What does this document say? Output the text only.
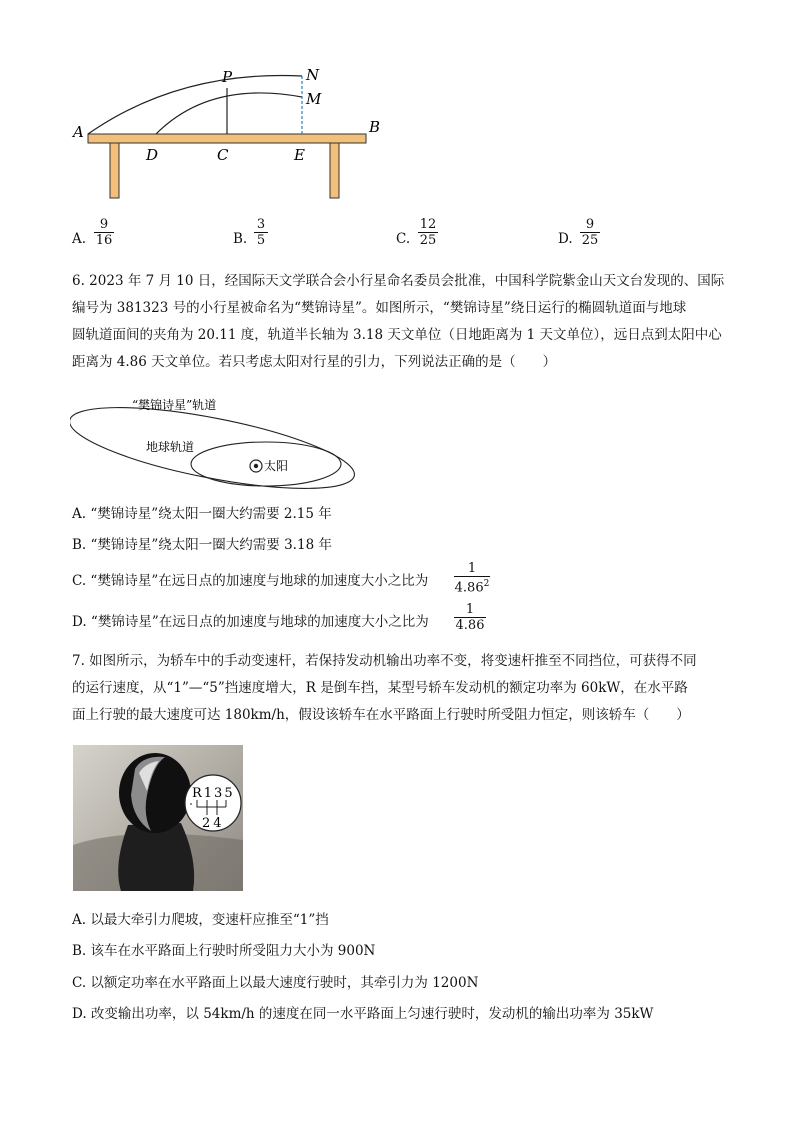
A	B
P	N
M
D	C	E
A. $\frac{9}{16}$	B. $\frac{3}{5}$	C. $\frac{12}{25}$	D. $\frac{9}{25}$
6. 2023 年 7 月 10 日，经国际天文学联合会小行星命名委员会批准，中国科学院紫金山天文台发现的、国际
编号为 381323 号的小行星被命名为“樊锦诗星”。如图所示，“樊锦诗星”绕日运行的椭圆轨道面与地球
圆轨道面间的夹角为 20.11 度，轨道半长轴为 3.18 天文单位（日地距离为 1 天文单位），远日点到太阳中心
距离为 4.86 天文单位。若只考虑太阳对行星的引力，下列说法正确的是（　　）
“樊锦诗星”轨道
地球轨道
太阳
A. “樊锦诗星”绕太阳一圈大约需要 2.15 年
B. “樊锦诗星”绕太阳一圈大约需要 3.18 年
C. “樊锦诗星”在远日点的加速度与地球的加速度大小之比为 $\frac{1}{4.86^2}$
D. “樊锦诗星”在远日点的加速度与地球的加速度大小之比为 $\frac{1}{4.86}$
7. 如图所示，为轿车中的手动变速杆，若保持发动机输出功率不变，将变速杆推至不同挡位，可获得不同
的运行速度，从“1”—“5”挡速度增大，R 是倒车挡，某型号轿车发动机的额定功率为 60kW，在水平路
面上行驶的最大速度可达 180km/h，假设该轿车在水平路面上行驶时所受阻力恒定，则该轿车（　　）
R135
24
A. 以最大牵引力爬坡，变速杆应推至“1”挡
B. 该车在水平路面上行驶时所受阻力大小为 900N
C. 以额定功率在水平路面上以最大速度行驶时，其牵引力为 1200N
D. 改变输出功率，以 54km/h 的速度在同一水平路面上匀速行驶时，发动机的输出功率为 35kW
